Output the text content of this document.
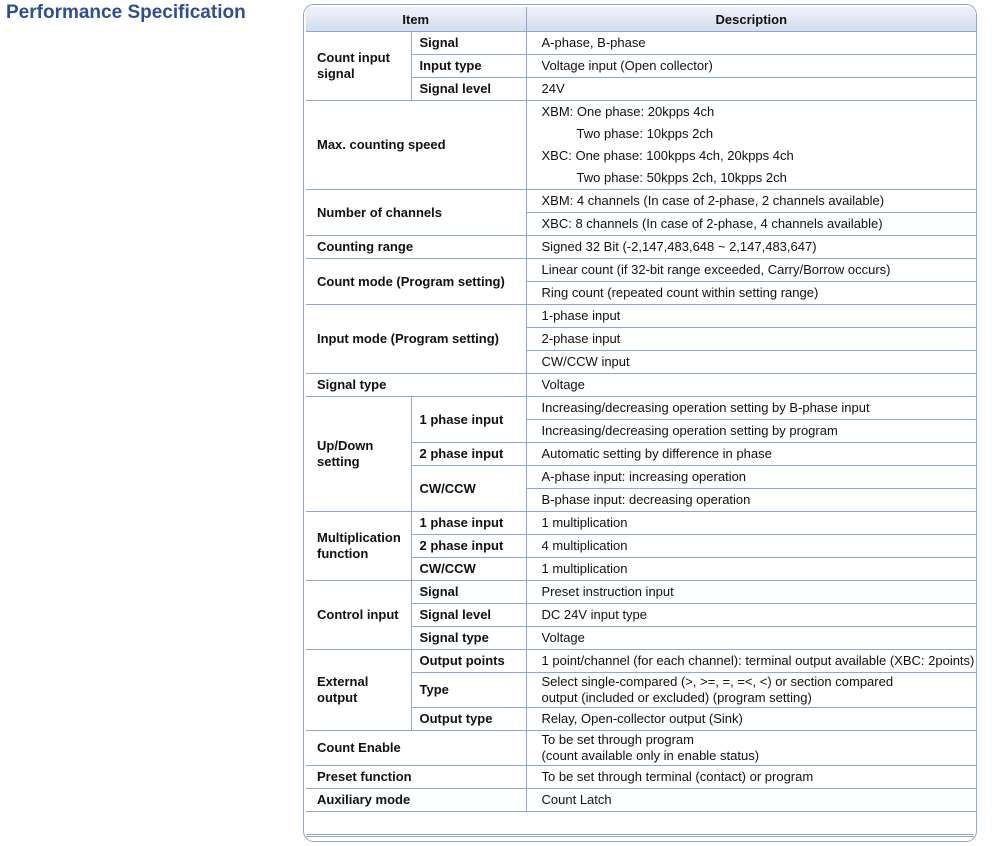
Performance Specification	Item		Description
Count input signal	Signal	A-phase, B-phase
	Input type	Voltage input (Open collector)
	Signal level	24V
Max. counting speed		XBM: One phase: 20kpps 4ch
		Two phase: 10kpps 2ch
		XBC: One phase: 100kpps 4ch, 20kpps 4ch
		Two phase: 50kpps 2ch, 10kpps 2ch
Number of channels		XBM: 4 channels (In case of 2-phase, 2 channels available)
		XBC: 8 channels (In case of 2-phase, 4 channels available)
Counting range		Signed 32 Bit (-2,147,483,648 ~ 2,147,483,647)
Count mode (Program setting)		Linear count (if 32-bit range exceeded, Carry/Borrow occurs)
		Ring count (repeated count within setting range)
Input mode (Program setting)		1-phase input
		2-phase input
		CW/CCW input
Signal type		Voltage
Up/Down setting	1 phase input	Increasing/decreasing operation setting by B-phase input
		Increasing/decreasing operation setting by program
	2 phase input	Automatic setting by difference in phase
	CW/CCW	A-phase input: increasing operation
		B-phase input: decreasing operation
Multiplication function	1 phase input	1 multiplication
	2 phase input	4 multiplication
	CW/CCW	1 multiplication
Control input	Signal	Preset instruction input
	Signal level	DC 24V input type
	Signal type	Voltage
External output	Output points	1 point/channel (for each channel): terminal output available (XBC: 2points)
	Type	Select single-compared (>, >=, =, =<, <) or section compared
output (included or excluded) (program setting)
	Output type	Relay, Open-collector output (Sink)
Count Enable		To be set through program
(count available only in enable status)
Preset function		To be set through terminal (contact) or program
Auxiliary mode		Count Latch
